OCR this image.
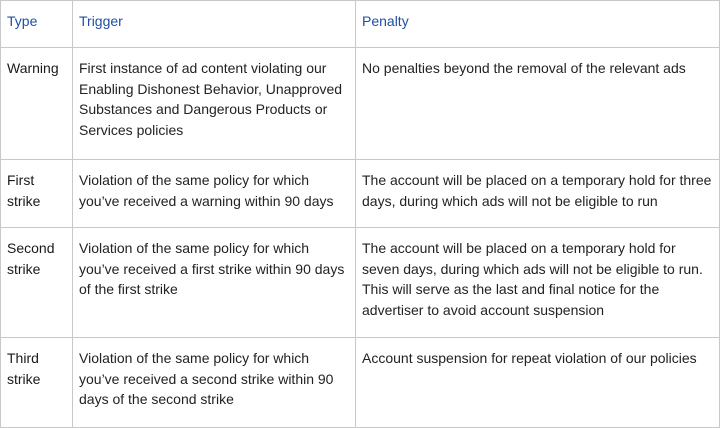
Type	Trigger	Penalty
Warning	First instance of ad content violating our Enabling Dishonest Behavior, Unapproved Substances and Dangerous Products or Services policies	No penalties beyond the removal of the relevant ads
First strike	Violation of the same policy for which you’ve received a warning within 90 days	The account will be placed on a temporary hold for three days, during which ads will not be eligible to run
Second strike	Violation of the same policy for which you’ve received a first strike within 90 days of the first strike	The account will be placed on a temporary hold for seven days, during which ads will not be eligible to run. This will serve as the last and final notice for the advertiser to avoid account suspension
Third strike	Violation of the same policy for which you’ve received a second strike within 90 days of the second strike	Account suspension for repeat violation of our policies
